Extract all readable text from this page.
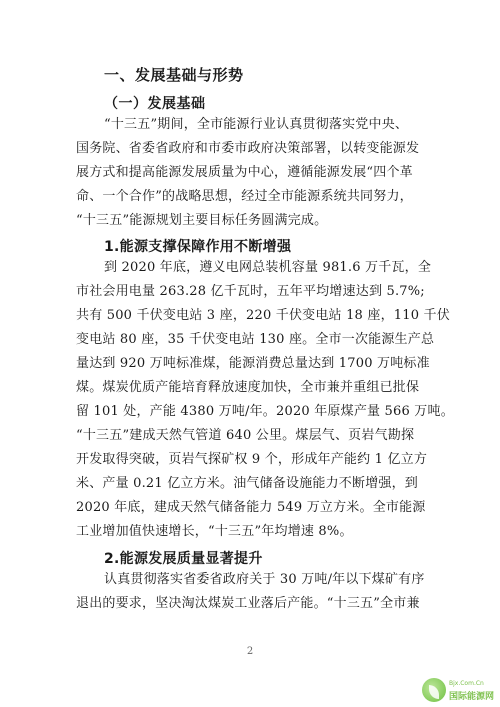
一、发展基础与形势
（一）发展基础
“十三五”期间，全市能源行业认真贯彻落实党中央、
国务院、省委省政府和市委市政府决策部署，以转变能源发
展方式和提高能源发展质量为中心，遵循能源发展“四个革
命、一个合作”的战略思想，经过全市能源系统共同努力，
“十三五”能源规划主要目标任务圆满完成。
1.能源支撑保障作用不断增强
到 2020 年底，遵义电网总装机容量 981.6 万千瓦，全
市社会用电量 263.28 亿千瓦时，五年平均增速达到 5.7%;
共有 500 千伏变电站 3 座，220 千伏变电站 18 座，110 千伏
变电站 80 座，35 千伏变电站 130 座。全市一次能源生产总
量达到 920 万吨标准煤，能源消费总量达到 1700 万吨标准
煤。煤炭优质产能培育释放速度加快，全市兼并重组已批保
留 101 处，产能 4380 万吨/年。2020 年原煤产量 566 万吨。
“十三五”建成天然气管道 640 公里。煤层气、页岩气勘探
开发取得突破，页岩气探矿权 9 个，形成年产能约 1 亿立方
米、产量 0.21 亿立方米。油气储备设施能力不断增强，到
2020 年底，建成天然气储备能力 549 万立方米。全市能源
工业增加值快速增长，“十三五”年均增速 8%。
2.能源发展质量显著提升
认真贯彻落实省委省政府关于 30 万吨/年以下煤矿有序
退出的要求，坚决淘汰煤炭工业落后产能。“十三五”全市兼
2
Bjx.Com.Cn
国际能源网
